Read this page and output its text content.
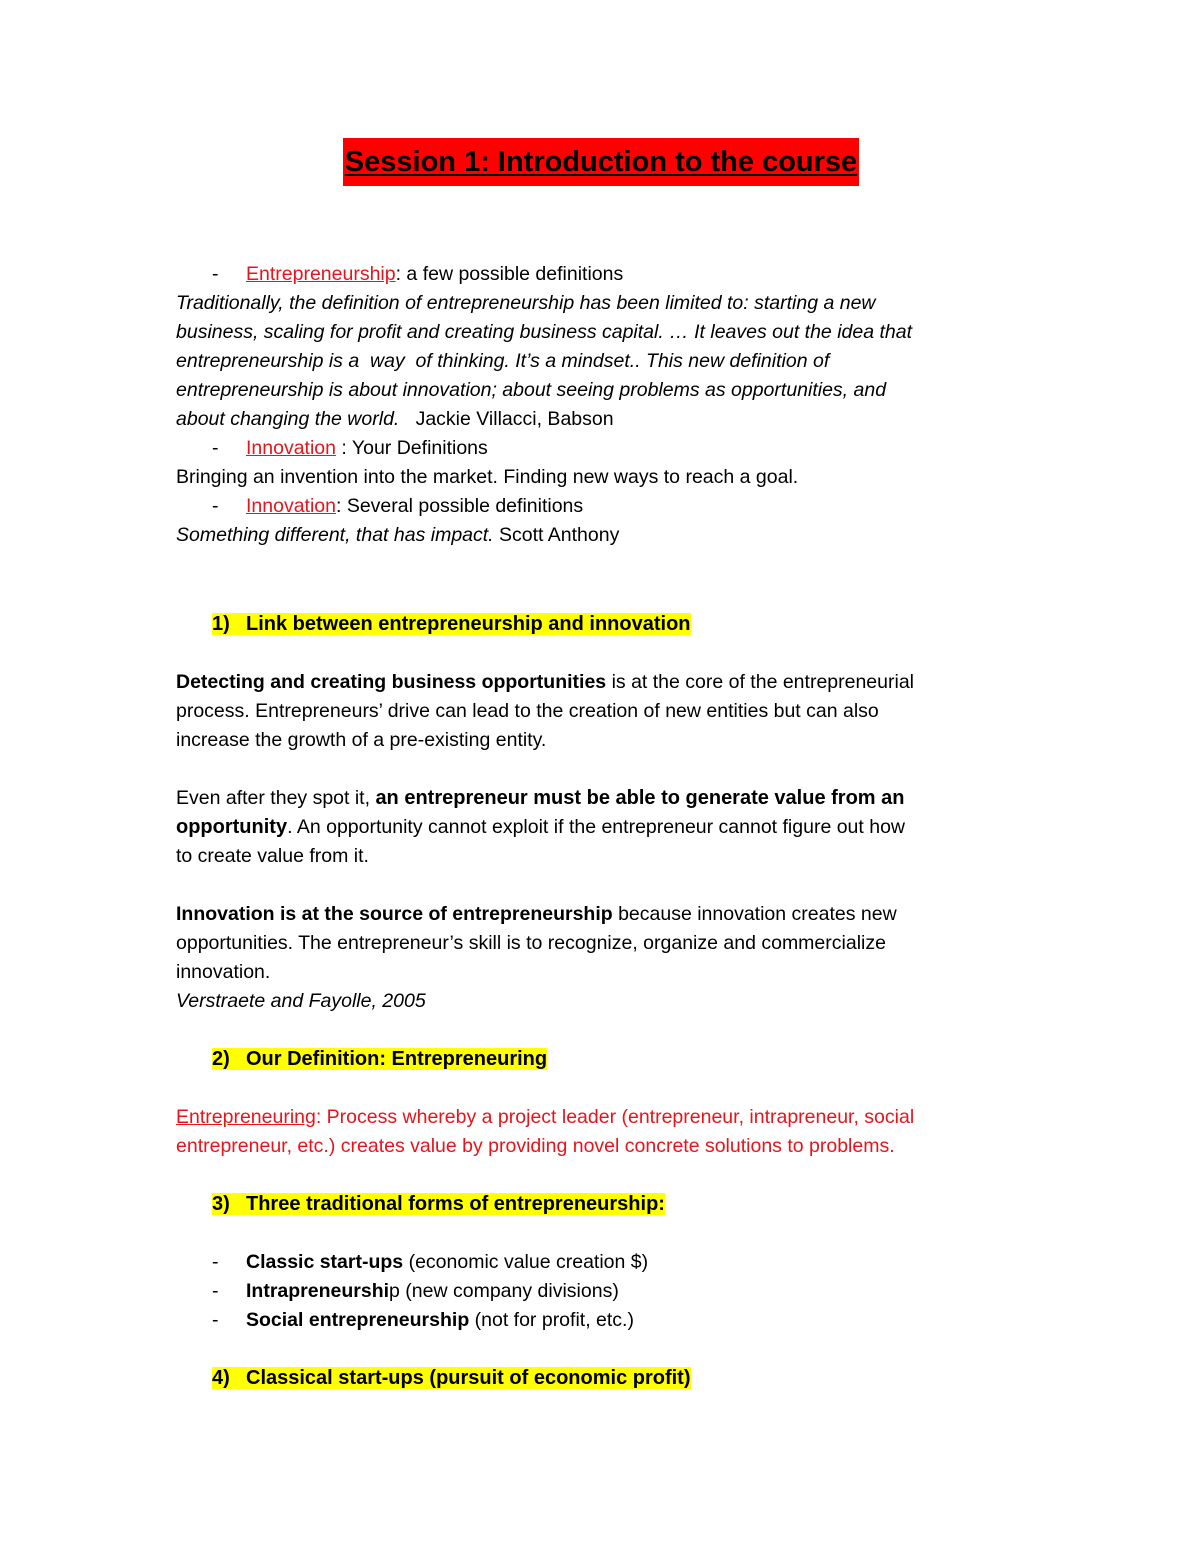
Session 1: Introduction to the course
- Entrepreneurship: a few possible definitions
Traditionally, the definition of entrepreneurship has been limited to: starting a new
business, scaling for profit and creating business capital. … It leaves out the idea that
entrepreneurship is a  way  of thinking. It’s a mindset.. This new definition of
entrepreneurship is about innovation; about seeing problems as opportunities, and
about changing the world.   Jackie Villacci, Babson
- Innovation : Your Definitions
Bringing an invention into the market. Finding new ways to reach a goal.
- Innovation: Several possible definitions
Something different, that has impact. Scott Anthony
1) Link between entrepreneurship and innovation
Detecting and creating business opportunities is at the core of the entrepreneurial
process. Entrepreneurs’ drive can lead to the creation of new entities but can also
increase the growth of a pre-existing entity.
Even after they spot it, an entrepreneur must be able to generate value from an
opportunity. An opportunity cannot exploit if the entrepreneur cannot figure out how
to create value from it.
Innovation is at the source of entrepreneurship because innovation creates new
opportunities. The entrepreneur’s skill is to recognize, organize and commercialize
innovation.
Verstraete and Fayolle, 2005
2) Our Definition: Entrepreneuring
Entrepreneuring: Process whereby a project leader (entrepreneur, intrapreneur, social
entrepreneur, etc.) creates value by providing novel concrete solutions to problems.
3) Three traditional forms of entrepreneurship:
- Classic start-ups (economic value creation $)
- Intrapreneurship (new company divisions)
- Social entrepreneurship (not for profit, etc.)
4) Classical start-ups (pursuit of economic profit)
